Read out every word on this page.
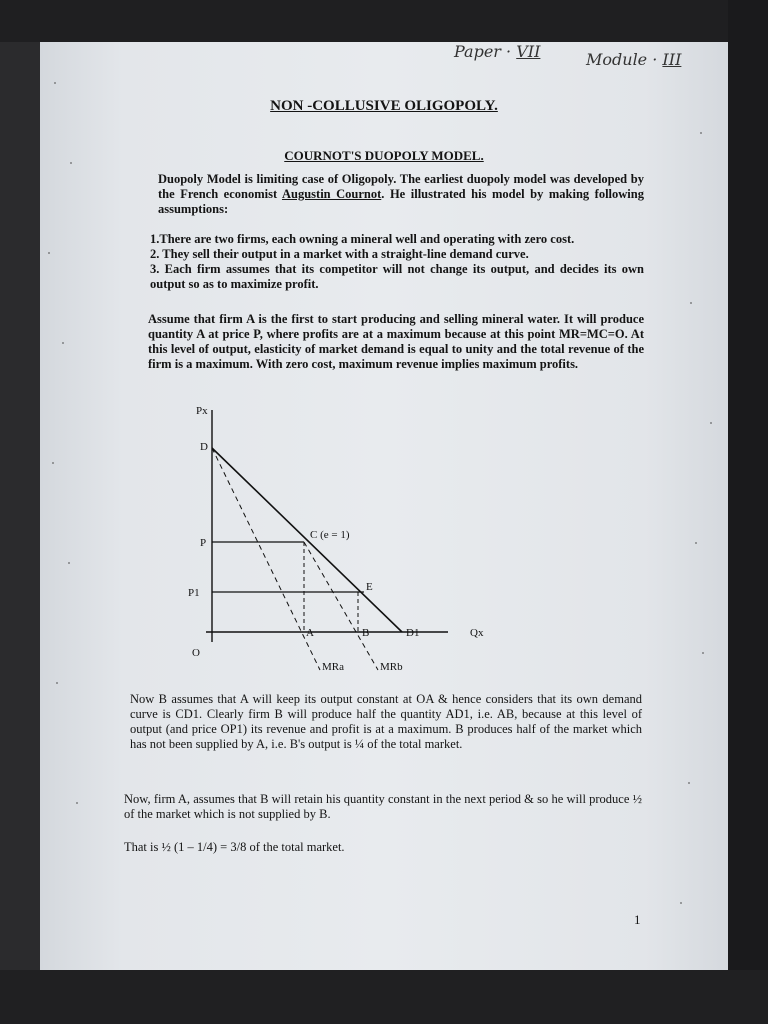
Paper · VII	Module · III
NON -COLLUSIVE OLIGOPOLY.
COURNOT'S DUOPOLY MODEL.

Duopoly Model is limiting case of Oligopoly. The earliest duopoly model was developed by the French economist Augustin Cournot. He illustrated his model by making following assumptions:

1.There are two firms, each owning a mineral well and operating with zero cost.
2. They sell their output in a market with a straight-line demand curve.
3. Each firm assumes that its competitor will not change its output, and decides its own output so as to maximize profit.

Assume that firm A is the first to start producing and selling mineral water. It will produce quantity A at price P, where profits are at a maximum because at this point MR=MC=O. At this level of output, elasticity of market demand is equal to unity and the total revenue of the firm is a maximum. With zero cost, maximum revenue implies maximum profits.

Px
Qx
O
D
P
P1
C (e = 1)
E
A	B	D1
MRa	MRb

Now B assumes that A will keep its output constant at OA & hence considers that its own demand curve is CD1. Clearly firm B will produce half the quantity AD1, i.e. AB, because at this level of output (and price OP1) its revenue and profit is at a maximum. B produces half of the market which has not been supplied by A, i.e. B's output is ¼ of the total market.

Now, firm A, assumes that B will retain his quantity constant in the next period & so he will produce ½ of the market which is not supplied by B.

That is ½ (1 – 1/4) = 3/8 of the total market.

1
